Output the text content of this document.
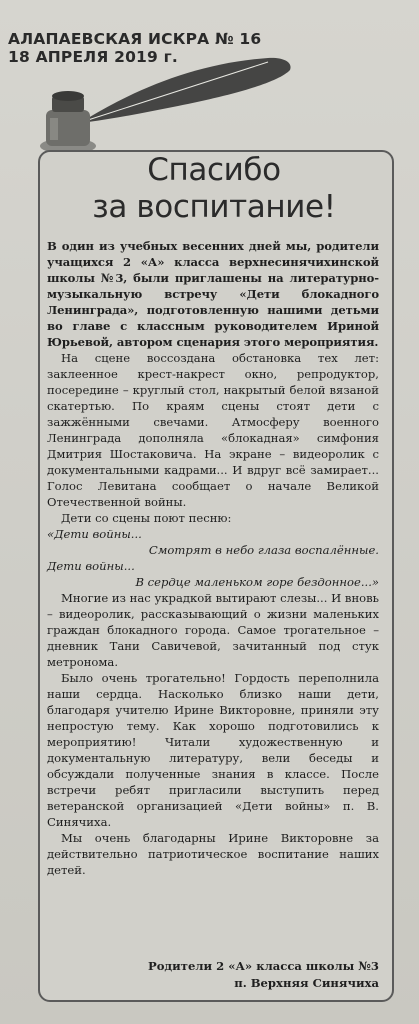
АЛАПАЕВСКАЯ ИСКРА № 16
18 АПРЕЛЯ 2019 г.
Спасибо
за воспитание!

В один из учебных весенних дней мы, родители учащихся 2 «А» класса верхнесинячихинской школы №3, были приглашены на литературно-музыкальную встречу «Дети блокадного Ленинграда», подготовленную нашими детьми во главе с классным руководителем Ириной Юрьевой, автором сценария этого мероприятия.

На сцене воссоздана обстановка тех лет: заклеенное крест-накрест окно, репродуктор, посередине – круглый стол, накрытый белой вязаной скатертью. По краям сцены стоят дети с зажжёнными свечами. Атмосферу военного Ленинграда дополняла «блокадная» симфония Дмитрия Шостаковича. На экране – видеоролик с документальными кадрами... И вдруг всё замирает... Голос Левитана сообщает о начале Великой Отечественной войны.

Дети со сцены поют песню:

«Дети войны...

Смотрят в небо глаза воспалённые.

Дети войны...

В сердце маленьком горе бездонное...»

Многие из нас украдкой вытирают слезы... И вновь – видеоролик, рассказывающий о жизни маленьких граждан блокадного города. Самое трогательное – дневник Тани Савичевой, зачитанный под стук метронома.

Было очень трогательно! Гордость переполнила наши сердца. Насколько близко наши дети, благодаря учителю Ирине Викторовне, приняли эту непростую тему. Как хорошо подготовились к мероприятию! Читали художественную и документальную литературу, вели беседы и обсуждали полученные знания в классе. После встречи ребят пригласили выступить перед ветеранской организацией «Дети войны» п. В. Синячиха.

Мы очень благодарны Ирине Викторовне за действительно патриотическое воспитание наших детей.

Родители 2 «А» класса школы №3
п. Верхняя Синячиха
